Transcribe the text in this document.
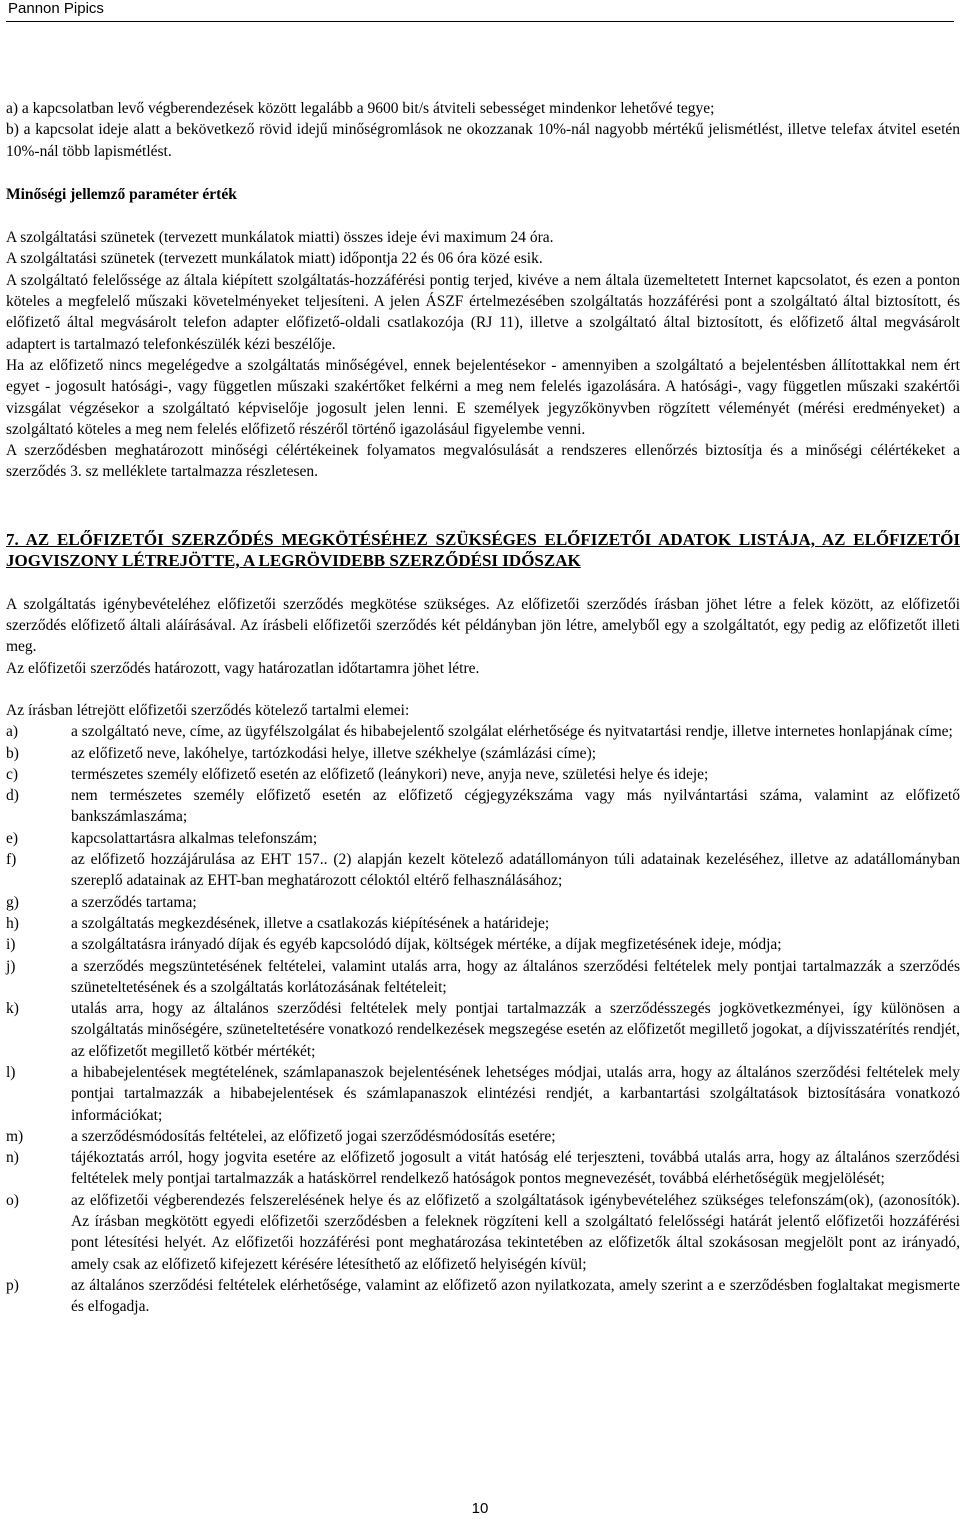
Pannon Pipics

a) a kapcsolatban levő végberendezések között legalább a 9600 bit/s átviteli sebességet mindenkor lehetővé tegye;

b) a kapcsolat ideje alatt a bekövetkező rövid idejű minőségromlások ne okozzanak 10%-nál nagyobb mértékű jelismétlést, illetve telefax átvitel esetén 10%-nál több lapismétlést.

Minőségi jellemző paraméter érték

A szolgáltatási szünetek (tervezett munkálatok miatti) összes ideje évi maximum 24 óra.

A szolgáltatási szünetek (tervezett munkálatok miatt) időpontja 22 és 06 óra közé esik.

A szolgáltató felelőssége az általa kiépített szolgáltatás-hozzáférési pontig terjed, kivéve a nem általa üzemeltetett Internet kapcsolatot, és ezen a ponton köteles a megfelelő műszaki követelményeket teljesíteni. A jelen ÁSZF értelmezésében szolgáltatás hozzáférési pont a szolgáltató által biztosított, és előfizető által megvásárolt telefon adapter előfizető-oldali csatlakozója (RJ 11), illetve a szolgáltató által biztosított, és előfizető által megvásárolt adaptert is tartalmazó telefonkészülék kézi beszélője.

Ha az előfizető nincs megelégedve a szolgáltatás minőségével, ennek bejelentésekor - amennyiben a szolgáltató a bejelentésben állítottakkal nem ért egyet - jogosult hatósági-, vagy független műszaki szakértőket felkérni a meg nem felelés igazolására. A hatósági-, vagy független műszaki szakértői vizsgálat végzésekor a szolgáltató képviselője jogosult jelen lenni. E személyek jegyzőkönyvben rögzített véleményét (mérési eredményeket) a szolgáltató köteles a meg nem felelés előfizető részéről történő igazolásául figyelembe venni.

A szerződésben meghatározott minőségi célértékeinek folyamatos megvalósulását a rendszeres ellenőrzés biztosítja és a minőségi célértékeket a szerződés 3. sz melléklete tartalmazza részletesen.

7. AZ ELŐFIZETŐI SZERZŐDÉS MEGKÖTÉSÉHEZ SZÜKSÉGES ELŐFIZETŐI ADATOK LISTÁJA, AZ ELŐFIZETŐI JOGVISZONY LÉTREJÖTTE, A LEGRÖVIDEBB SZERZŐDÉSI IDŐSZAK

A szolgáltatás igénybevételéhez előfizetői szerződés megkötése szükséges. Az előfizetői szerződés írásban jöhet létre a felek között, az előfizetői szerződés előfizető általi aláírásával. Az írásbeli előfizetői szerződés két példányban jön létre, amelyből egy a szolgáltatót, egy pedig az előfizetőt illeti meg.

Az előfizetői szerződés határozott, vagy határozatlan időtartamra jöhet létre.

Az írásban létrejött előfizetői szerződés kötelező tartalmi elemei:

a)	a szolgáltató neve, címe, az ügyfélszolgálat és hibabejelentő szolgálat elérhetősége és nyitvatartási rendje, illetve internetes honlapjának címe;
b)	az előfizető neve, lakóhelye, tartózkodási helye, illetve székhelye (számlázási címe);
c)	természetes személy előfizető esetén az előfizető (leánykori) neve, anyja neve, születési helye és ideje;
d)	nem természetes személy előfizető esetén az előfizető cégjegyzékszáma vagy más nyilvántartási száma, valamint az előfizető bankszámlaszáma;
e)	kapcsolattartásra alkalmas telefonszám;
f)	az előfizető hozzájárulása az EHT 157.. (2) alapján kezelt kötelező adatállományon túli adatainak kezeléséhez, illetve az adatállományban szereplő adatainak az EHT-ban meghatározott céloktól eltérő felhasználásához;
g)	a szerződés tartama;
h)	a szolgáltatás megkezdésének, illetve a csatlakozás kiépítésének a határideje;
i)	a szolgáltatásra irányadó díjak és egyéb kapcsolódó díjak, költségek mértéke, a díjak megfizetésének ideje, módja;
j)	a szerződés megszüntetésének feltételei, valamint utalás arra, hogy az általános szerződési feltételek mely pontjai tartalmazzák a szerződés szüneteltetésének és a szolgáltatás korlátozásának feltételeit;
k)	utalás arra, hogy az általános szerződési feltételek mely pontjai tartalmazzák a szerződésszegés jogkövetkezményei, így különösen a szolgáltatás minőségére, szüneteltetésére vonatkozó rendelkezések megszegése esetén az előfizetőt megillető jogokat, a díjvisszatérítés rendjét, az előfizetőt megillető kötbér mértékét;
l)	a hibabejelentések megtételének, számlapanaszok bejelentésének lehetséges módjai, utalás arra, hogy az általános szerződési feltételek mely pontjai tartalmazzák a hibabejelentések és számlapanaszok elintézési rendjét, a karbantartási szolgáltatások biztosítására vonatkozó információkat;
m)	a szerződésmódosítás feltételei, az előfizető jogai szerződésmódosítás esetére;
n)	tájékoztatás arról, hogy jogvita esetére az előfizető jogosult a vitát hatóság elé terjeszteni, továbbá utalás arra, hogy az általános szerződési feltételek mely pontjai tartalmazzák a hatáskörrel rendelkező hatóságok pontos megnevezését, továbbá elérhetőségük megjelölését;
o)	az előfizetői végberendezés felszerelésének helye és az előfizető a szolgáltatások igénybevételéhez szükséges telefonszám(ok), (azonosítók). Az írásban megkötött egyedi előfizetői szerződésben a feleknek rögzíteni kell a szolgáltató felelősségi határát jelentő előfizetői hozzáférési pont létesítési helyét. Az előfizetői hozzáférési pont meghatározása tekintetében az előfizetők által szokásosan megjelölt pont az irányadó, amely csak az előfizető kifejezett kérésére létesíthető az előfizető helyiségén kívül;
p)	az általános szerződési feltételek elérhetősége, valamint az előfizető azon nyilatkozata, amely szerint a e szerződésben foglaltakat megismerte és elfogadja.
10
